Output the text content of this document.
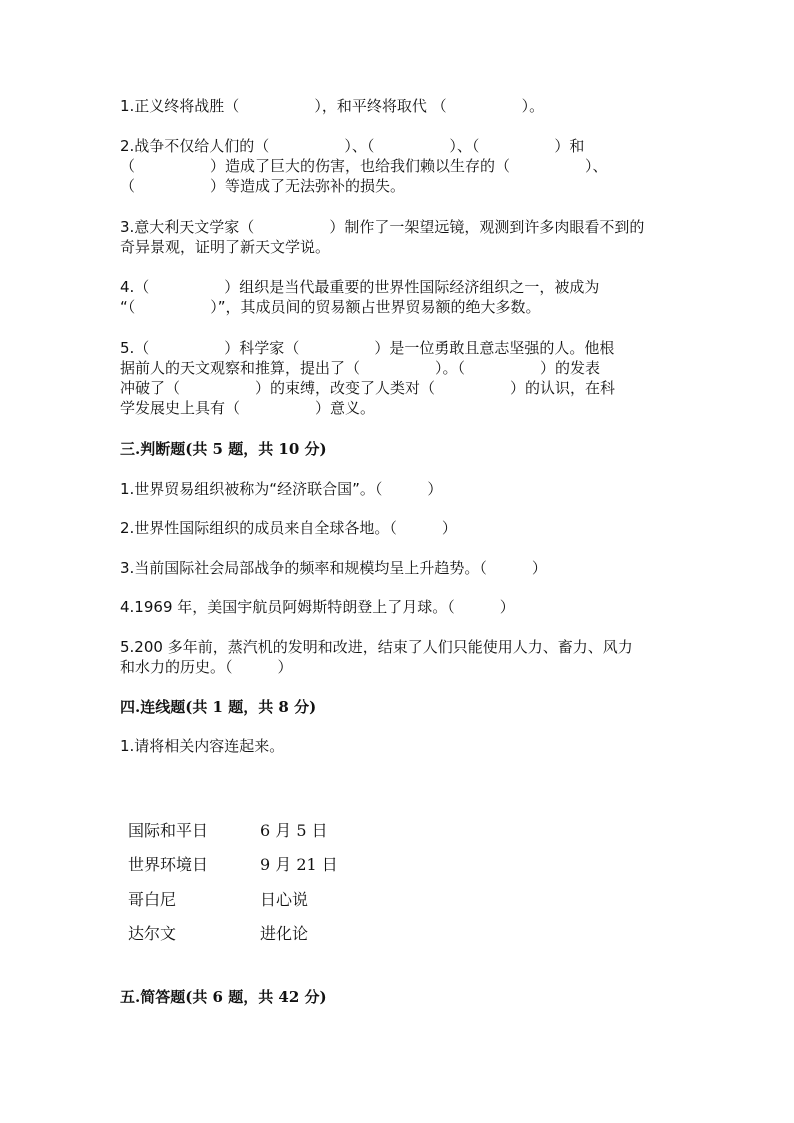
1.正义终将战胜（　　　　　），和平终将取代 （　　　　　）。
2.战争不仅给人们的（　　　　　）、（　　　　　）、（　　　　　）和
（　　　　　）造成了巨大的伤害，也给我们赖以生存的（　　　　　）、
（　　　　　）等造成了无法弥补的损失。
3.意大利天文学家（　　　　　）制作了一架望远镜，观测到许多肉眼看不到的
奇异景观，证明了新天文学说。
4.（　　　　　）组织是当代最重要的世界性国际经济组织之一，被成为
“（　　　　　）”，其成员间的贸易额占世界贸易额的绝大多数。
5.（　　　　　）科学家（　　　　　）是一位勇敢且意志坚强的人。他根
据前人的天文观察和推算，提出了（　　　　　）。（　　　　　）的发表
冲破了（　　　　　）的束缚，改变了人类对（　　　　　）的认识，在科
学发展史上具有（　　　　　）意义。
三.判断题(共 5 题，共 10 分)
1.世界贸易组织被称为“经济联合国”。（　　　）
2.世界性国际组织的成员来自全球各地。（　　　）
3.当前国际社会局部战争的频率和规模均呈上升趋势。（　　　）
4.1969 年，美国宇航员阿姆斯特朗登上了月球。（　　　）
5.200 多年前，蒸汽机的发明和改进，结束了人们只能使用人力、畜力、风力
和水力的历史。（　　　）
四.连线题(共 1 题，共 8 分)
1.请将相关内容连起来。
国际和平日	6 月 5 日
世界环境日	9 月 21 日
哥白尼	日心说
达尔文	进化论
五.简答题(共 6 题，共 42 分)
